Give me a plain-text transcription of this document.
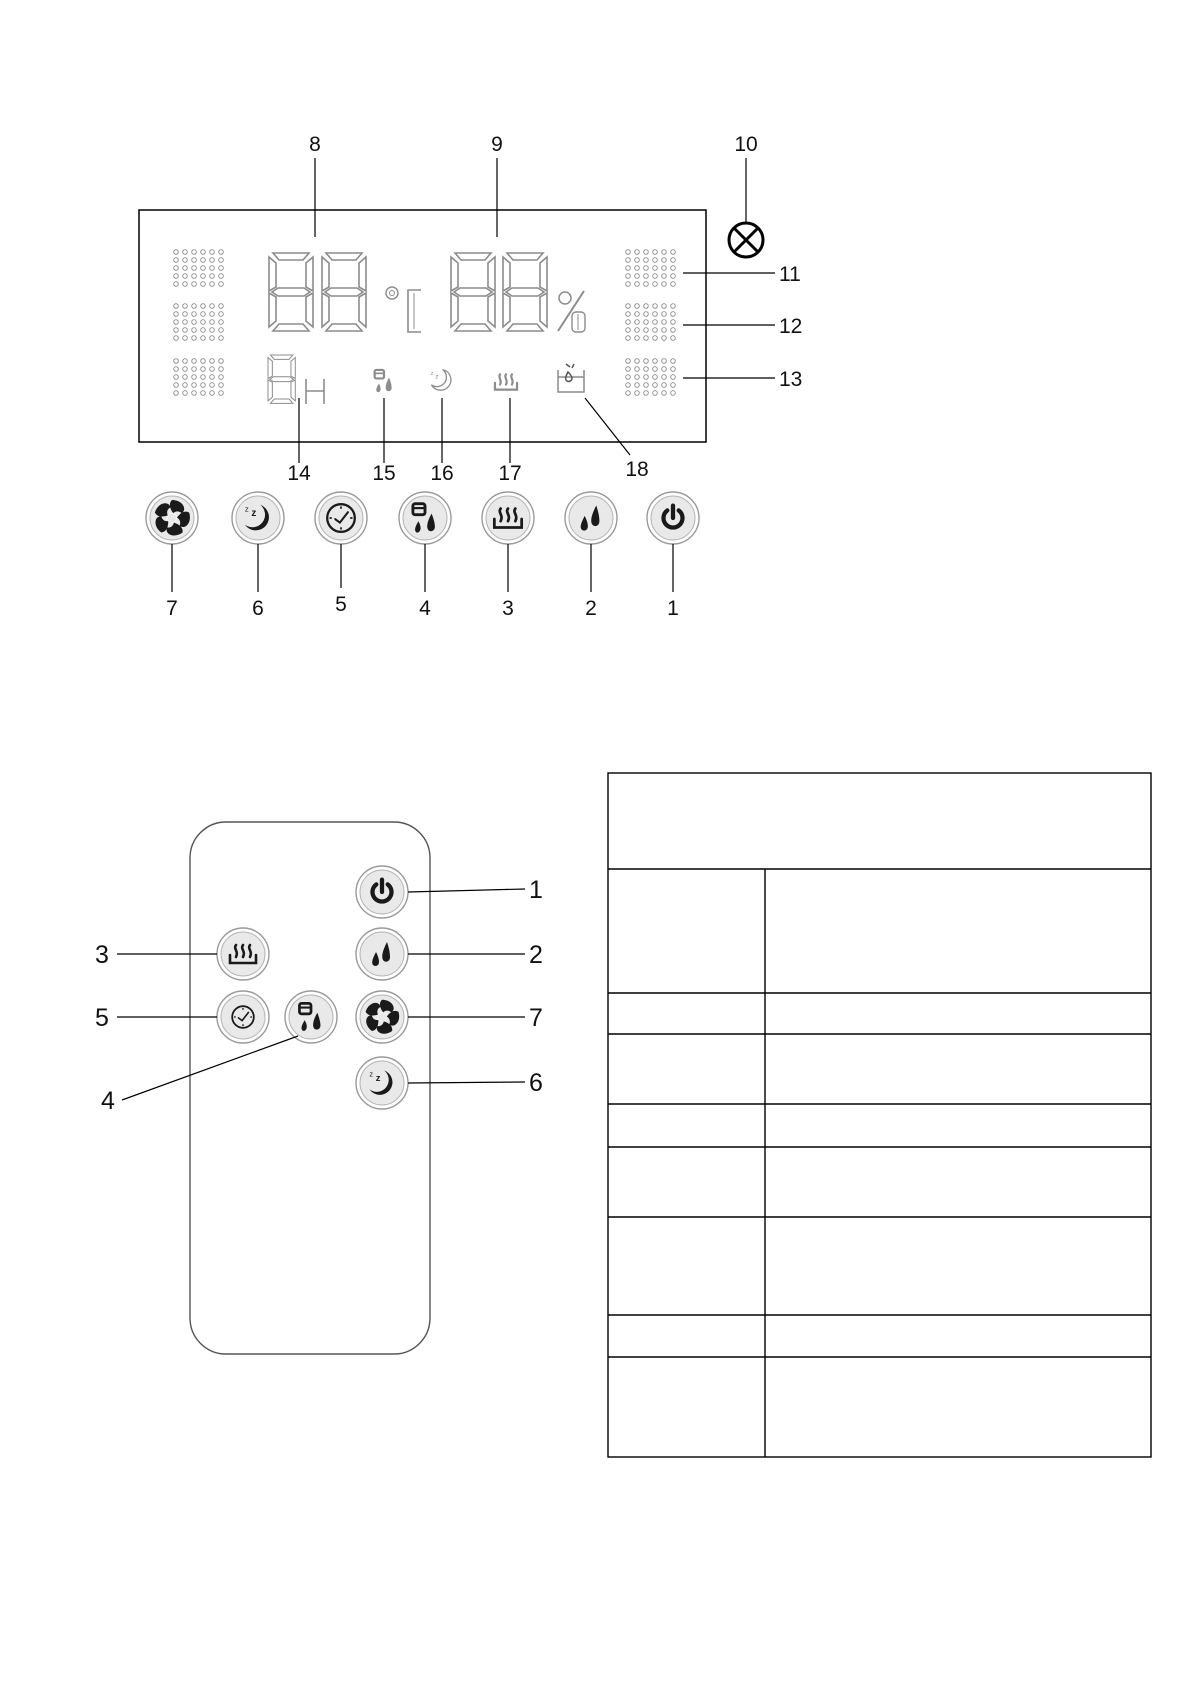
z z
8	9	10
11
12
13
14	15 16 17	18
7	6	5	4	3	2	1
1
2
3
4
5
6
7
